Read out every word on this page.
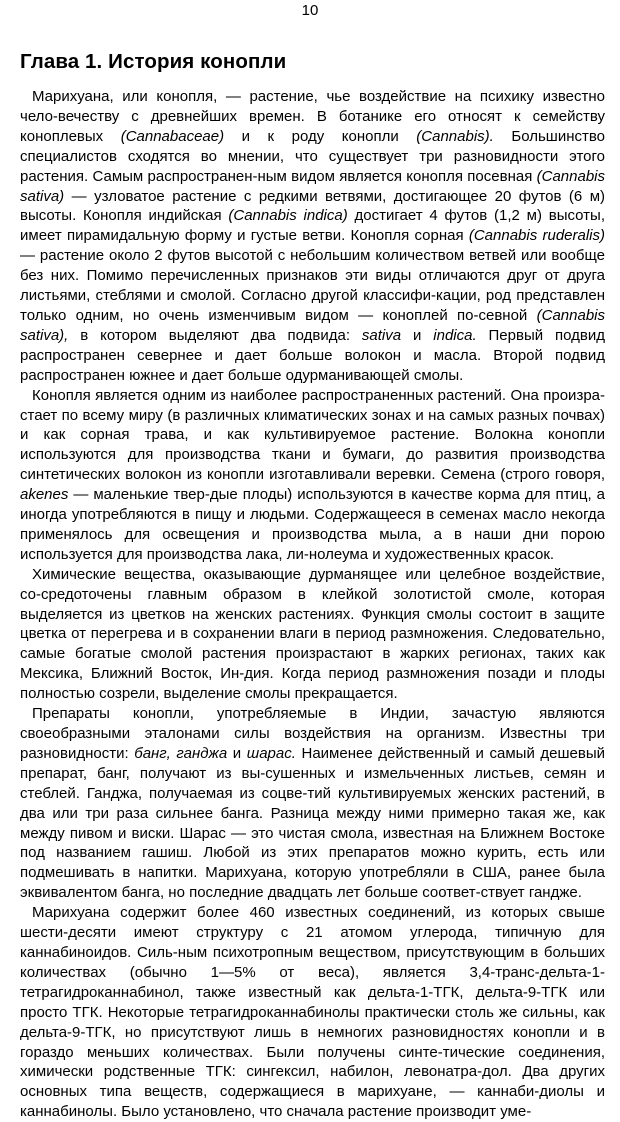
10
Глава 1. История конопли

Марихуана, или конопля, — растение, чье воздействие на психику известно чело-вечеству с древнейших времен. В ботанике его относят к семейству коноплевых (Cannabaceae) и к роду конопли (Cannabis). Большинство специалистов сходятся во мнении, что существует три разновидности этого растения. Самым распространен-ным видом является конопля посевная (Cannabis sativa) — узловатое растение с редкими ветвями, достигающее 20 футов (6 м) высоты. Конопля индийская (Cannabis indica) достигает 4 футов (1,2 м) высоты, имеет пирамидальную форму и густые ветви. Конопля сорная (Cannabis ruderalis) — растение около 2 футов высотой с небольшим количеством ветвей или вообще без них. Помимо перечисленных признаков эти виды отличаются друг от друга листьями, стеблями и смолой. Согласно другой классифи-кации, род представлен только одним, но очень изменчивым видом — коноплей по-севной (Cannabis sativa), в котором выделяют два подвида: sativa и indica. Первый подвид распространен севернее и дает больше волокон и масла. Второй подвид распространен южнее и дает больше одурманивающей смолы.

Конопля является одним из наиболее распространенных растений. Она произра-стает по всему миру (в различных климатических зонах и на самых разных почвах) и как сорная трава, и как культивируемое растение. Волокна конопли используются для производства ткани и бумаги, до развития производства синтетических волокон из конопли изготавливали веревки. Семена (строго говоря, akenes — маленькие твер-дые плоды) используются в качестве корма для птиц, а иногда употребляются в пищу и людьми. Содержащееся в семенах масло некогда применялось для освещения и производства мыла, а в наши дни порою используется для производства лака, ли-нолеума и художественных красок.

Химические вещества, оказывающие дурманящее или целебное воздействие, со-средоточены главным образом в клейкой золотистой смоле, которая выделяется из цветков на женских растениях. Функция смолы состоит в защите цветка от перегрева и в сохранении влаги в период размножения. Следовательно, самые богатые смолой растения произрастают в жарких регионах, таких как Мексика, Ближний Восток, Ин-дия. Когда период размножения позади и плоды полностью созрели, выделение смолы прекращается.

Препараты конопли, употребляемые в Индии, зачастую являются своеобразными эталонами силы воздействия на организм. Известны три разновидности: банг, ганджа и шарас. Наименее действенный и самый дешевый препарат, банг, получают из вы-сушенных и измельченных листьев, семян и стеблей. Ганджа, получаемая из соцве-тий культивируемых женских растений, в два или три раза сильнее банга. Разница между ними примерно такая же, как между пивом и виски. Шарас — это чистая смола, известная на Ближнем Востоке под названием гашиш. Любой из этих препаратов можно курить, есть или подмешивать в напитки. Марихуана, которую употребляли в США, ранее была эквивалентом банга, но последние двадцать лет больше соответ-ствует гандже.

Марихуана содержит более 460 известных соединений, из которых свыше шести-десяти имеют структуру с 21 атомом углерода, типичную для каннабиноидов. Силь-ным психотропным веществом, присутствующим в больших количествах (обычно 1—5% от веса), является 3,4-транс-дельта-1-тетрагидроканнабинол, также известный как дельта-1-ТГК, дельта-9-ТГК или просто ТГК. Некоторые тетрагидроканнабинолы практически столь же сильны, как дельта-9-ТГК, но присутствуют лишь в немногих разновидностях конопли и в гораздо меньших количествах. Были получены синте-тические соединения, химически родственные ТГК: сингексил, набилон, левонатра-дол. Два других основных типа веществ, содержащиеся в марихуане, — каннаби-диолы и каннабинолы. Было установлено, что сначала растение производит уме-
